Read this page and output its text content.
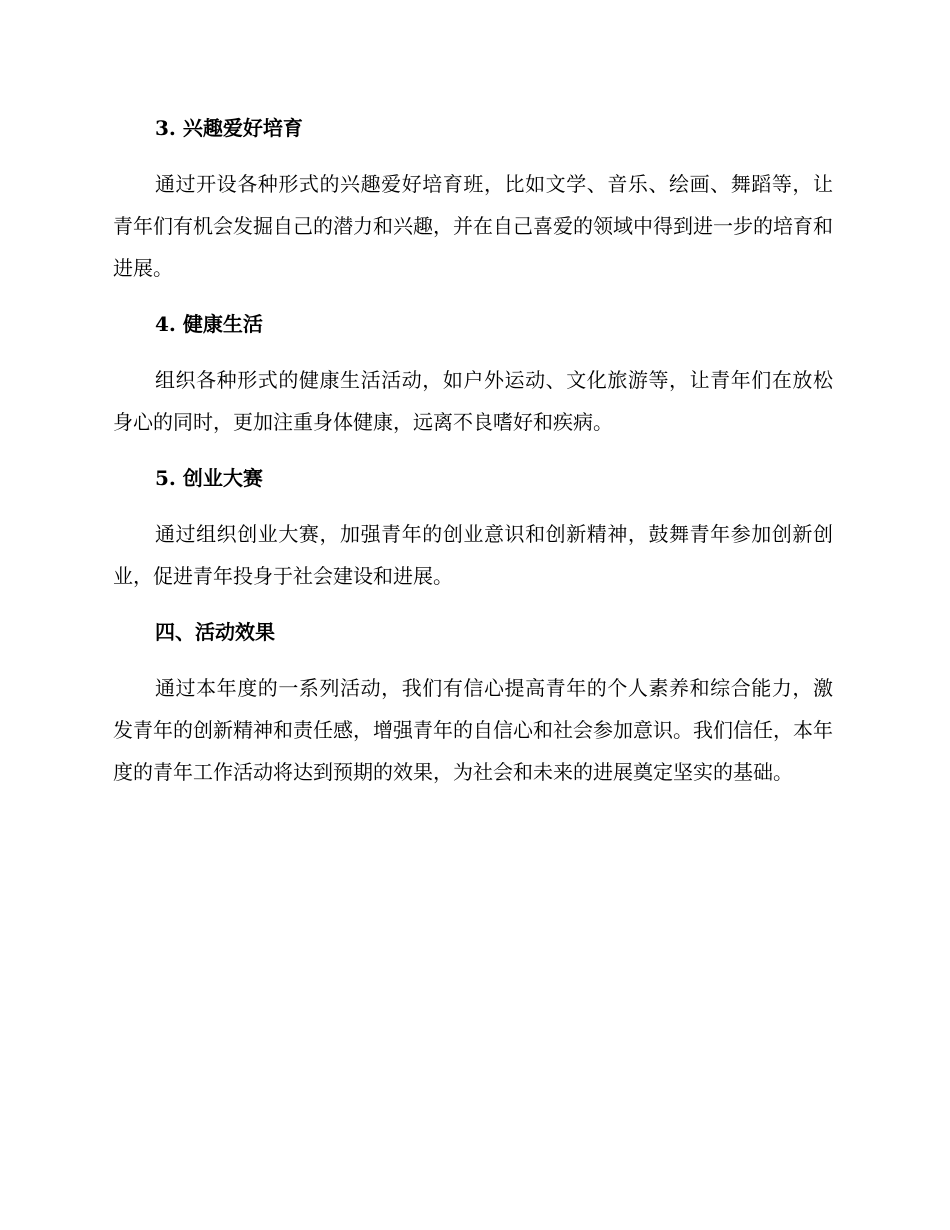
3. 兴趣爱好培育

通过开设各种形式的兴趣爱好培育班，比如文学、音乐、绘画、舞蹈等，让青年们有机会发掘自己的潜力和兴趣，并在自己喜爱的领域中得到进一步的培育和进展。

4. 健康生活

组织各种形式的健康生活活动，如户外运动、文化旅游等，让青年们在放松身心的同时，更加注重身体健康，远离不良嗜好和疾病。

5. 创业大赛

通过组织创业大赛，加强青年的创业意识和创新精神，鼓舞青年参加创新创业，促进青年投身于社会建设和进展。

四、活动效果

通过本年度的一系列活动，我们有信心提高青年的个人素养和综合能力，激发青年的创新精神和责任感，增强青年的自信心和社会参加意识。我们信任，本年度的青年工作活动将达到预期的效果，为社会和未来的进展奠定坚实的基础。
